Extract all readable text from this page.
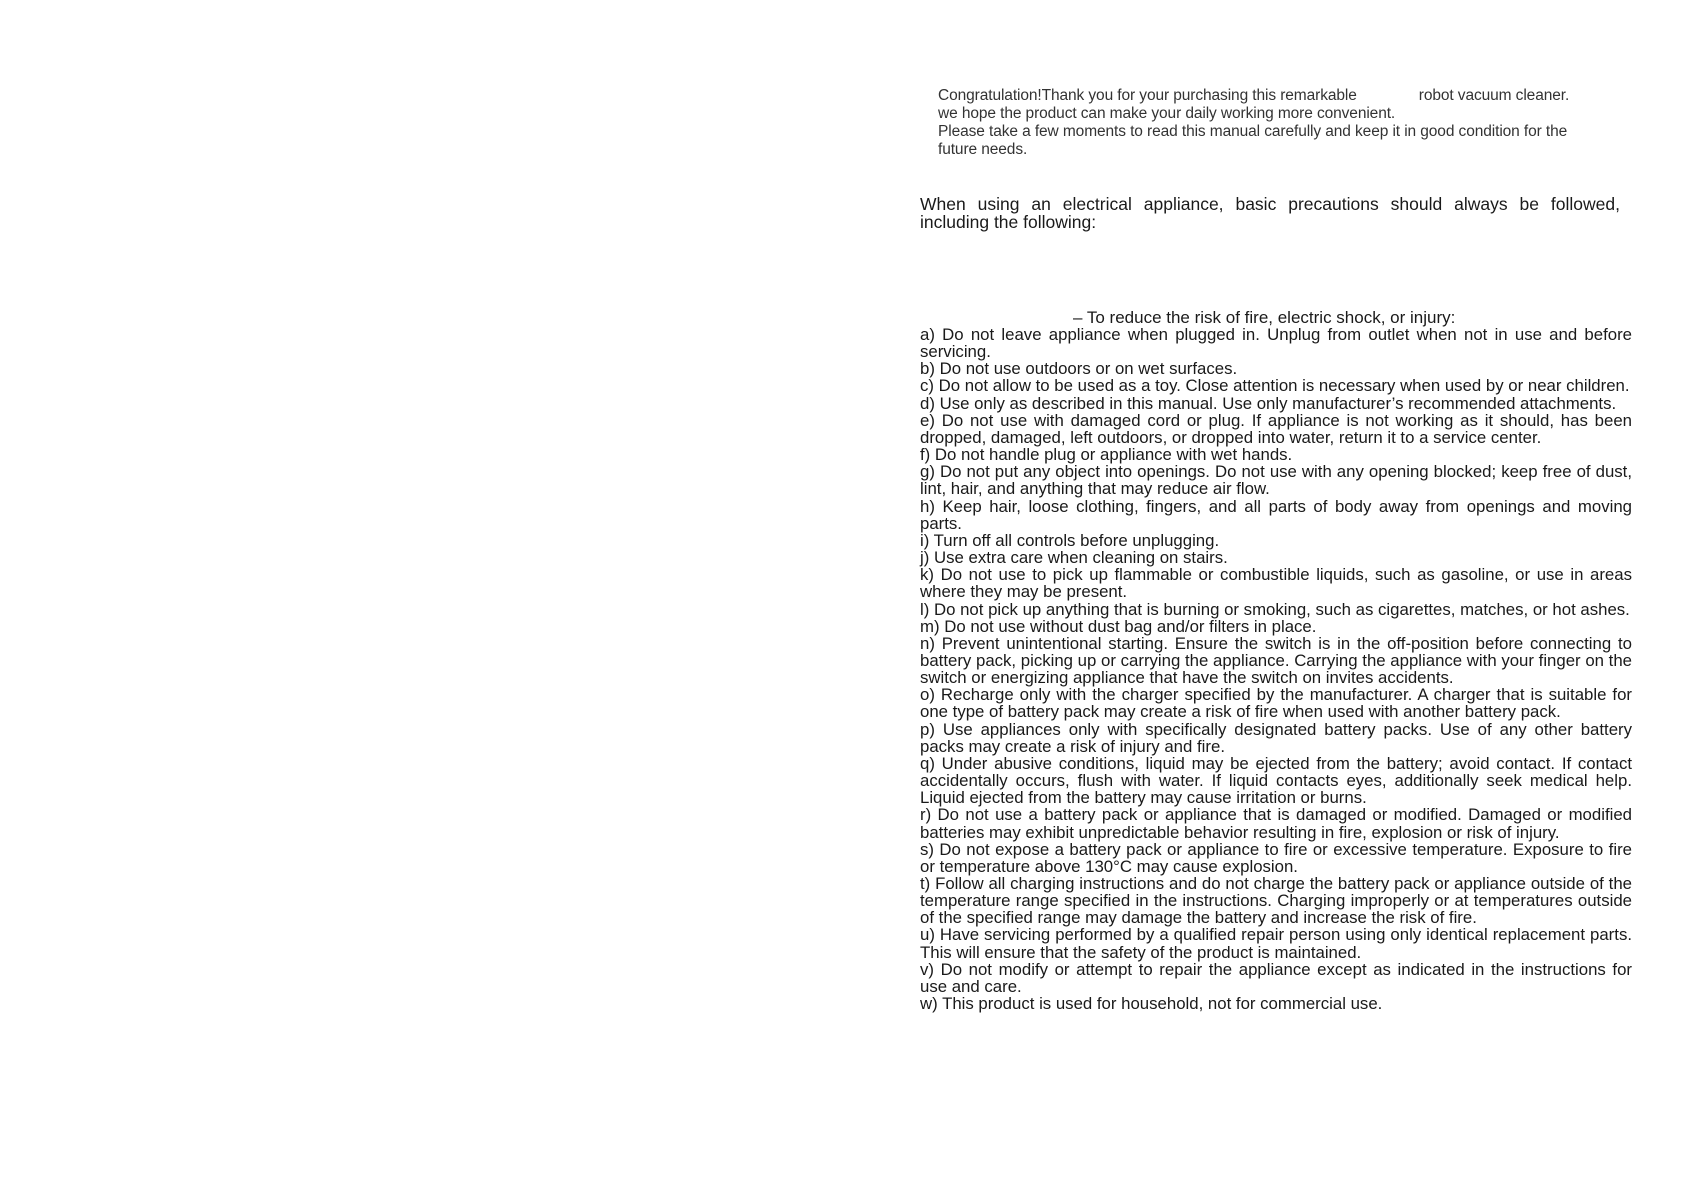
Congratulation!Thank you for your purchasing this remarkable	robot vacuum cleaner.

we hope the product can make your daily working more convenient.

Please take a few moments to read this manual carefully and keep it in good condition for the future needs.

When using an electrical appliance, basic precautions should always be followed, including the following:

– To reduce the risk of fire, electric shock, or injury:

a) Do not leave appliance when plugged in. Unplug from outlet when not in use and before servicing.
b) Do not use outdoors or on wet surfaces.
c) Do not allow to be used as a toy. Close attention is necessary when used by or near children.
d) Use only as described in this manual. Use only manufacturer’s recommended attachments.
e) Do not use with damaged cord or plug. If appliance is not working as it should, has been dropped, damaged, left outdoors, or dropped into water, return it to a service center.
f) Do not handle plug or appliance with wet hands.
g) Do not put any object into openings. Do not use with any opening blocked; keep free of dust, lint, hair, and anything that may reduce air flow.
h) Keep hair, loose clothing, fingers, and all parts of body away from openings and moving parts.
i) Turn off all controls before unplugging.
j) Use extra care when cleaning on stairs.
k) Do not use to pick up flammable or combustible liquids, such as gasoline, or use in areas where they may be present.
l) Do not pick up anything that is burning or smoking, such as cigarettes, matches, or hot ashes.
m) Do not use without dust bag and/or filters in place.
n) Prevent unintentional starting. Ensure the switch is in the off-position before connecting to battery pack, picking up or carrying the appliance. Carrying the appliance with your finger on the switch or energizing appliance that have the switch on invites accidents.
o) Recharge only with the charger specified by the manufacturer. A charger that is suitable for one type of battery pack may create a risk of fire when used with another battery pack.
p) Use appliances only with specifically designated battery packs. Use of any other battery packs may create a risk of injury and fire.
q) Under abusive conditions, liquid may be ejected from the battery; avoid contact. If contact accidentally occurs, flush with water. If liquid contacts eyes, additionally seek medical help. Liquid ejected from the battery may cause irritation or burns.
r) Do not use a battery pack or appliance that is damaged or modified. Damaged or modified batteries may exhibit unpredictable behavior resulting in fire, explosion or risk of injury.
s) Do not expose a battery pack or appliance to fire or excessive temperature. Exposure to fire or temperature above 130°C may cause explosion.
t) Follow all charging instructions and do not charge the battery pack or appliance outside of the temperature range specified in the instructions. Charging improperly or at temperatures outside of the specified range may damage the battery and increase the risk of fire.
u) Have servicing performed by a qualified repair person using only identical replacement parts. This will ensure that the safety of the product is maintained.
v) Do not modify or attempt to repair the appliance except as indicated in the instructions for use and care.
w) This product is used for household, not for commercial use.
